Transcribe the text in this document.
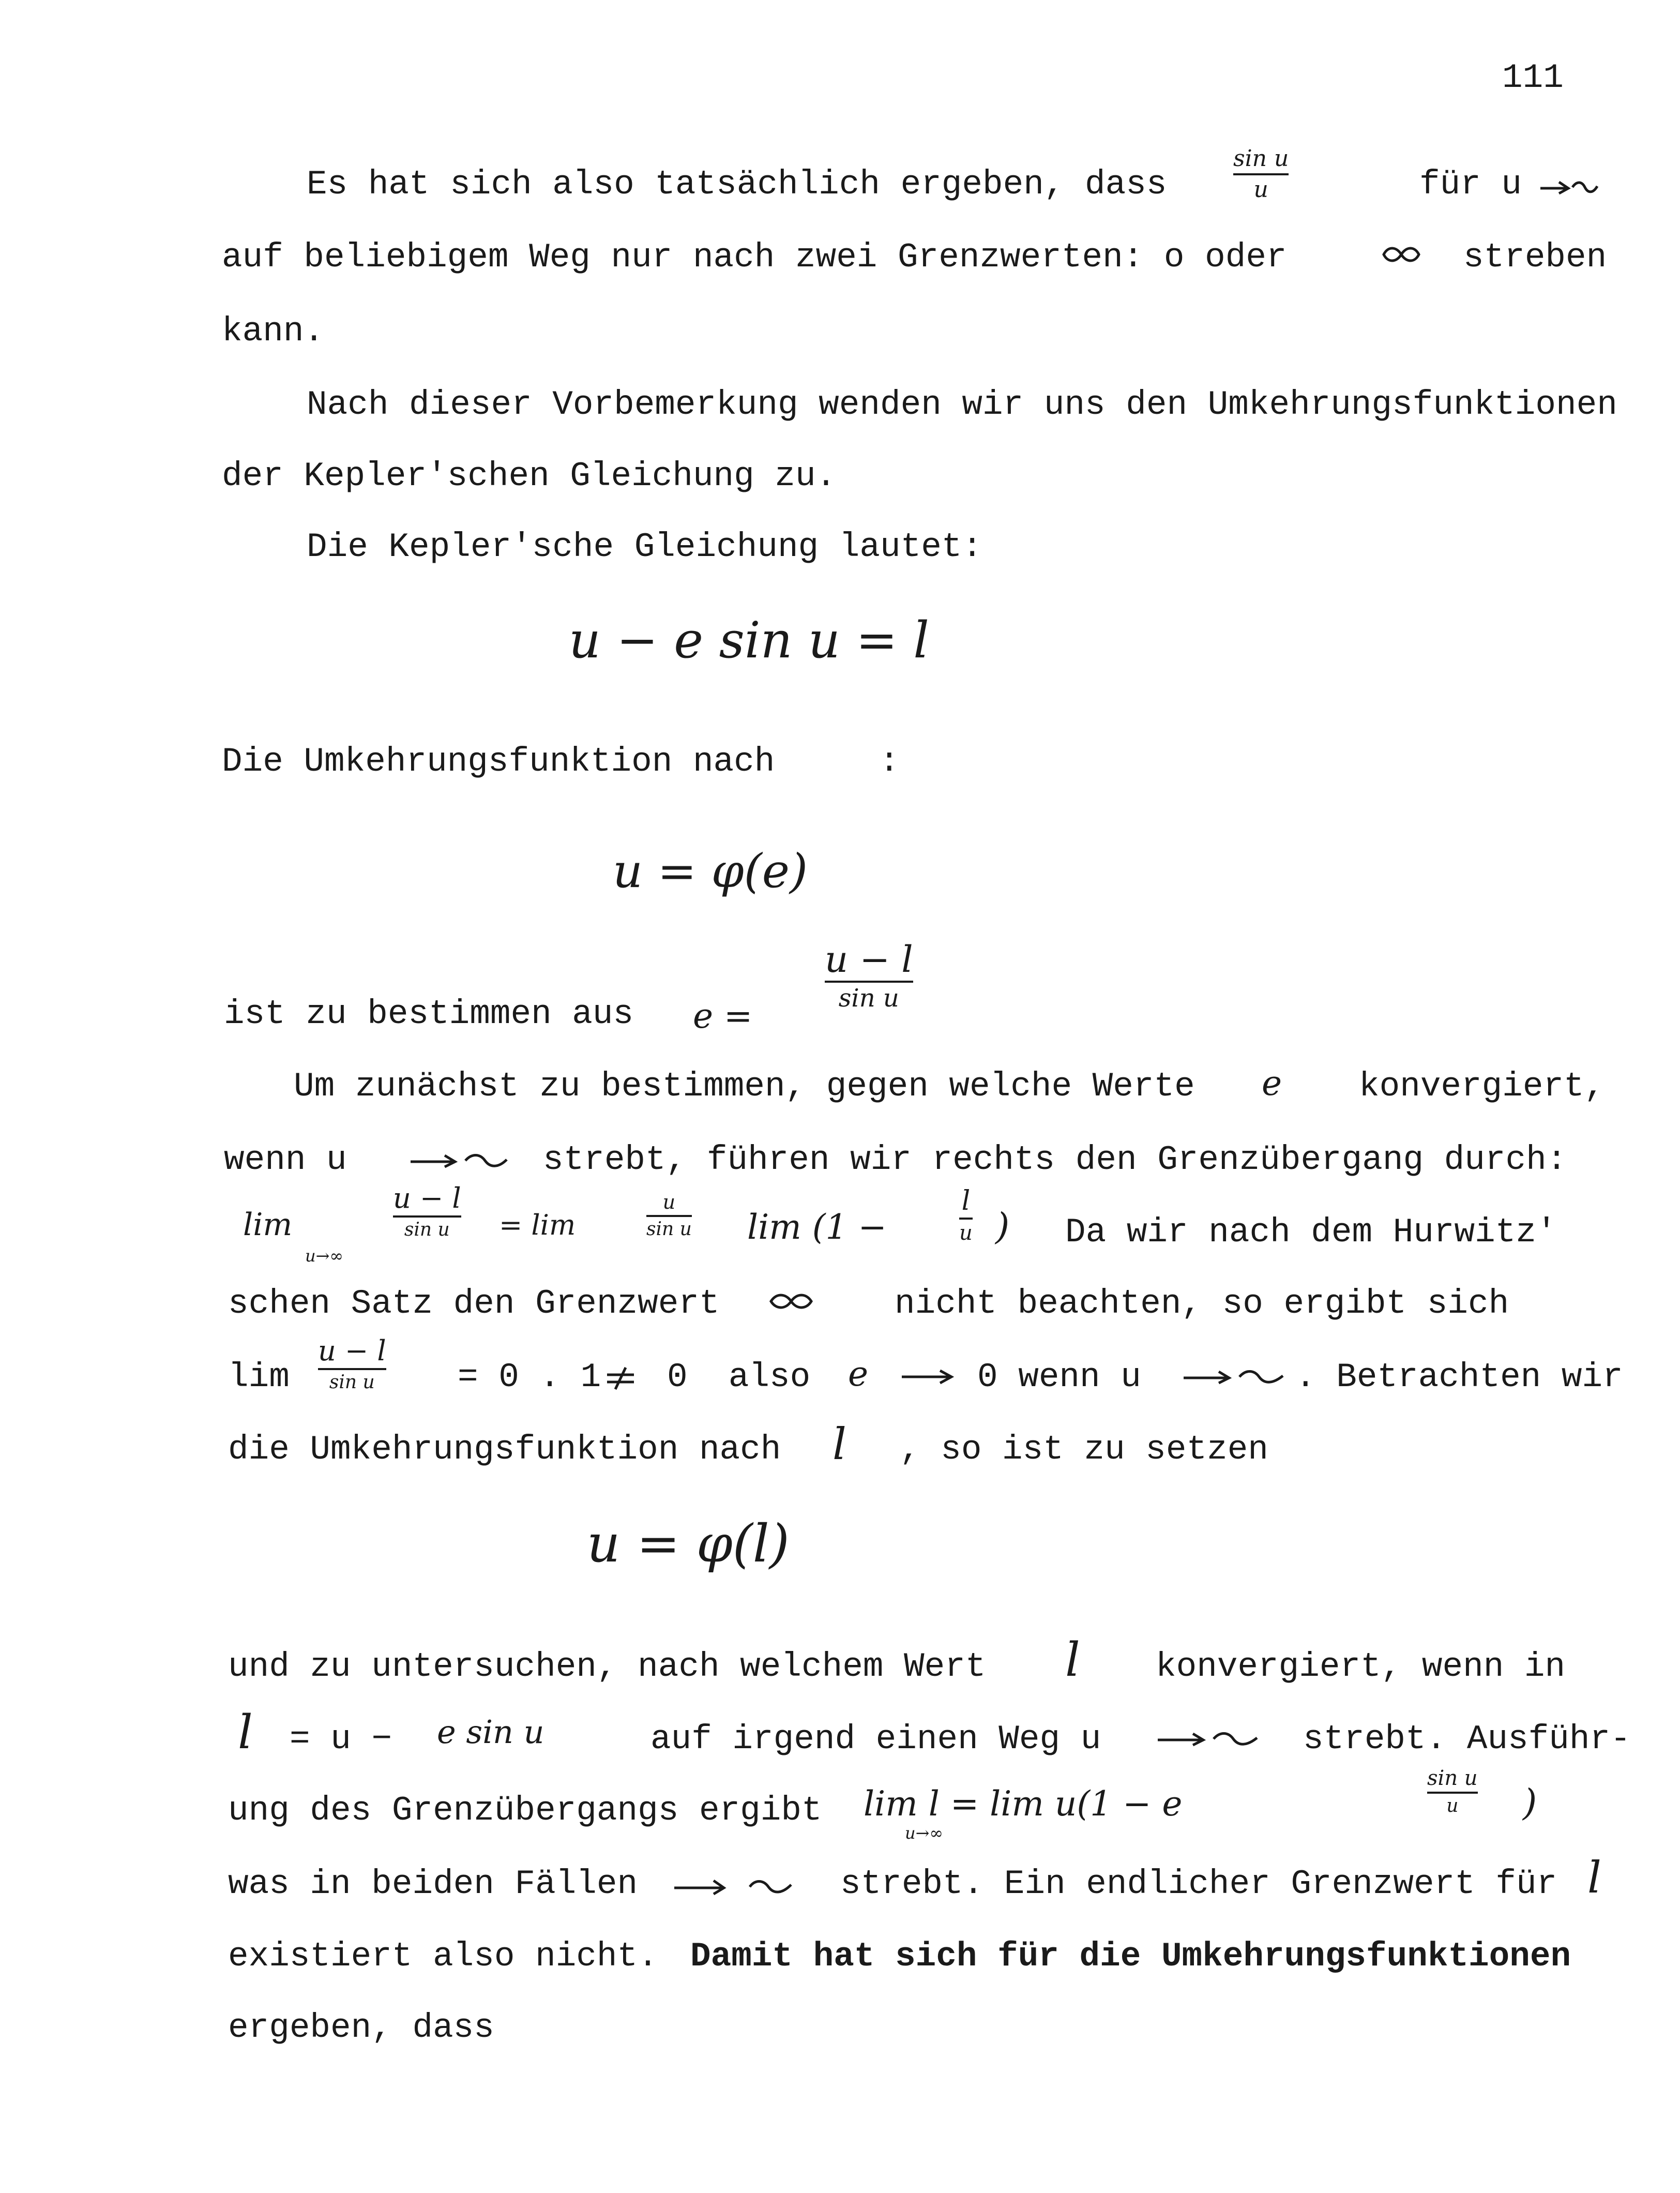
111
Es hat sich also tatsächlich ergeben, dass
sin u
u	für u
auf beliebigem Weg nur nach zwei Grenzwerten: o oder	streben
kann.
Nach dieser Vorbemerkung wenden wir uns den Umkehrungsfunktionen
der Kepler'schen Gleichung zu.
Die Kepler'sche Gleichung lautet:
u − e sin u = l
Die Umkehrungsfunktion nach	:
u = φ(e)
ist zu bestimmen aus e =
u − l
sin u
Um zunächst zu bestimmen, gegen welche Werte e konvergiert,
wenn u	strebt, führen wir rechts den Grenzübergang durch:
lim
u→∞
u − l
sin u = lim
u
sin u lim (1 −
l
u ) Da wir nach dem Hurwitz'
schen Satz den Grenzwert	nicht beachten, so ergibt sich
lim
u − l
sin u = 0 . 1 0  also e	0 wenn u	. Betrachten wir
die Umkehrungsfunktion nach l , so ist zu setzen
u = φ(l)
und zu untersuchen, nach welchem Wert l konvergiert, wenn in
l = u − e sin u	auf irgend einen Weg u	strebt. Ausführ-
ung des Grenzübergangs ergibt lim l = lim u(1 − e
u→∞
sin u
u )
was in beiden Fällen	strebt. Ein endlicher Grenzwert für l
existiert also nicht. Damit hat sich für die Umkehrungsfunktionen
ergeben, dass
